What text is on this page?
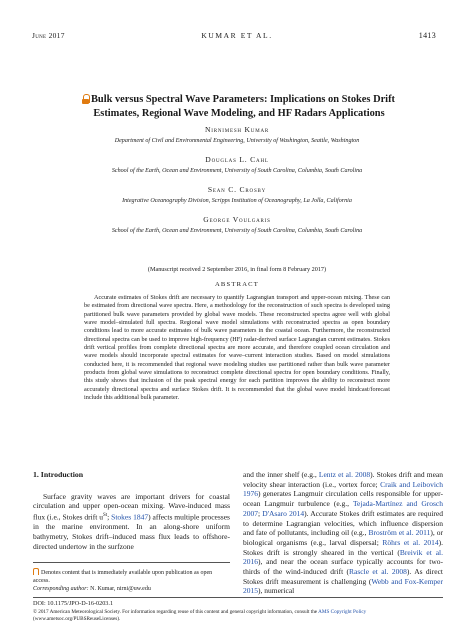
June 2017	KUMAR ET AL.	1413
Bulk versus Spectral Wave Parameters: Implications on Stokes Drift
Estimates, Regional Wave Modeling, and HF Radars Applications
Nirnimesh Kumar
Department of Civil and Environmental Engineering, University of Washington, Seattle, Washington
Douglas L. Cahl
School of the Earth, Ocean and Environment, University of South Carolina, Columbia, South Carolina
Sean C. Crosby
Integrative Oceanography Division, Scripps Institution of Oceanography, La Jolla, California
George Voulgaris
School of the Earth, Ocean and Environment, University of South Carolina, Columbia, South Carolina
(Manuscript received 2 September 2016, in final form 8 February 2017)
ABSTRACT

Accurate estimates of Stokes drift are necessary to quantify Lagrangian transport and upper-ocean mixing. These can be estimated from directional wave spectra. Here, a methodology for the reconstruction of such spectra is developed using partitioned bulk wave parameters provided by global wave models. These reconstructed spectra agree well with global wave model–simulated full spectra. Regional wave model simulations with reconstructed spectra as open boundary conditions lead to more accurate estimates of bulk wave parameters in the coastal ocean. Furthermore, the reconstructed directional spectra can be used to improve high-frequency (HF) radar-derived surface Lagrangian current estimates. Stokes drift vertical profiles from complete directional spectra are more accurate, and therefore coupled ocean circulation and wave models should incorporate spectral estimates for wave–current interaction studies. Based on model simulations conducted here, it is recommended that regional wave modeling studies use partitioned rather than bulk wave parameter products from global wave simulations to reconstruct complete directional spectra for open boundary conditions. Finally, this study shows that inclusion of the peak spectral energy for each partition improves the ability to reconstruct more accurately directional spectra and surface Stokes drift. It is recommended that the global wave model hindcast/forecast include this additional bulk parameter.

1. Introduction

Surface gravity waves are important drivers for coastal circulation and upper open-ocean mixing. Wave-induced mass flux (i.e., Stokes drift $u^{St}$; Stokes 1847) affects multiple processes in the marine environment. In an along-shore uniform bathymetry, Stokes drift–induced mass flux leads to offshore-directed undertow in the surfzone

and the inner shelf (e.g., Lentz et al. 2008). Stokes drift and mean velocity shear interaction (i.e., vortex force; Craik and Leibovich 1976) generates Langmuir circulation cells responsible for upper-ocean Langmuir turbulence (e.g., Tejada-Martínez and Grosch 2007; D'Asaro 2014). Accurate Stokes drift estimates are required to determine Lagrangian velocities, which influence dispersion and fate of pollutants, including oil (e.g., Broström et al. 2011), or biological organisms (e.g., larval dispersal; Röhrs et al. 2014). Stokes drift is strongly sheared in the vertical (Breivik et al. 2016), and near the ocean surface typically accounts for two-thirds of the wind-induced drift (Rascle et al. 2008). As direct Stokes drift measurement is challenging (Webb and Fox-Kemper 2015), numerical

Denotes content that is immediately available upon publication as open access.
Corresponding author: N. Kumar, nirni@uw.edu
DOI: 10.1175/JPO-D-16-0203.1
© 2017 American Meteorological Society. For information regarding reuse of this content and general copyright information, consult the AMS Copyright Policy (www.ametsoc.org/PUBSReuseLicenses).
